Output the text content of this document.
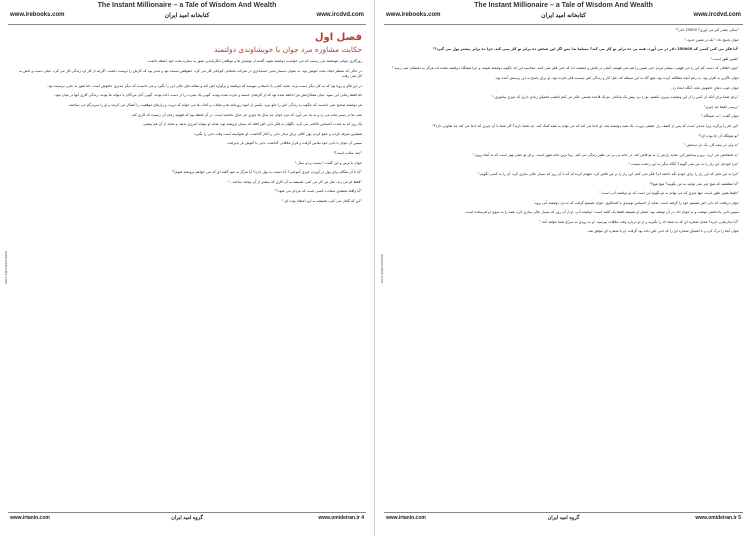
The Instant Millionaire – a Tale of Wisdom And Wealth
www.irebooks.com	کتابخانه امید ایران	www.ircdvd.com
www.irebooks.com
فصل اول
حکایت مشاوره مرد جوان با خویشاوندی دولتمند

روزگاری جوانی هوشمند می زیست که می خواست دولتمند شود، آکنده از ثومیدی ها و مواقعی انکارناپذیر، هنوز به ستاره بخت خود اعتقاد داشت.

در حالی که منتظر ایجاد بخت خویش بود، به عنوان دستیار مدیر حسابداری در شرکت تبلیغاتی کوچکی کار می کرد. حقوقش بسنده بود و مدیر بود که کارش را دوست داشت. اگرچه از کار او، زندگی کار می کرد. خیلی دست و دلش به کار نمی رفت.

در این فکر و رویا بود که به کار دیگر دست بزند. شاید کتابی یا داستانی بنویسد که دولتمند و پرآوازه اش کند و نشانه های مالی این را بگیرد و می دانست که دیگر مدیری خاموش است. اما هنوز به جایی نرسیده بود.

اما فقط رهایی این سود: میان همکارانش نیز احاطه شده بود که از کارشان خسته و دلزده شده بودند. گویی یک بعیرت را از دست داده بودند. گویی آنان مردگان یا دیوانه ها بودند. زندگی کاری آنها در میان نبود.

هر دولتمند صحیح نمی دانست که چگونه به زندگی اش را جلو ببرد. یکسر از انبوه روزنامه ها و مجلات و کتاب ها می خواند که ثروت و رازهای موفقیت را آشکار می کردند و او را سردرگم می ساختند.

شب ها در بستر غلت می زد و به یاد می آورد که مرد جوان چه سال ها چیزی جز خیال نداشته است. در آن لحظه بود که فهمید زمان آن رسیده که کاری کند.

یک روز که به شدت احساس ناکامی می کرد، ناگهان به فکر دایی اش افتاد که بسیار ثروتمند بود. شاید او بتواند اندرزی بدهد. و شاید از آن هم بیشتر.

همچنین صرفه کردن و جمع کردن پول کافی برای دیدار دایی را کنار گذاشت. او نخواسته است وقت دایی را بگیرد.

سپس آن جوان با دایی خود تماس گرفت و قرار ملاقاتی گذاشت. دایی با آغوش باز پذیرفت.

"چند سالت است؟"

جوان با ترس و لرز گفت: "بیست و دو سال."

"آیا تا آن هنگام برای پول در آوردن چیزی آموختی؟ آیا دستت به پول دارد؟ آیا هرگز به خود گفته ای که می خواهم ثروتمند شوم؟"

"فقط ام می زند، مثل هر کار می کنی، همیشه به آن کاری که بیشتر از آن پیچاند ساخته..."

"آیا واقعا معتقدی سعادت کسی است که مردان می شود؟"

"این که گمان می کنی، همیشه به این اعتقاد بوده ای."

www.irtanin.com	گروه امید ایران	www.omideiran.ir 4
The Instant Millionaire – a Tale of Wisdom And Wealth
www.irebooks.com	کتابخانه امید ایران	www.ircdvd.com
www.ircdvd.com

"سالی چقدر گیر می آوری؟ 25000 دلار؟"

جوان پاسخ داد: "بله در همین حدود."

"آیا فکر می کنی کسی که 250000 دلار در می آورد، همه بی ده برابر تو کار می کند؟ مسلما نه! پس اگر این شخص ده برابر تو کار نمی کند، چرا ده برابر بیشتر پول می گیرد؟"

"همین طور است."

"چون اتفاقی که دست کم این را می فهمی، بیشتر مردم حتی همین را هم نمی فهمند. آنقدر در تلاش و مشقت اند که حتی فکر نمی کنند. محاسبه این که چگونه دولتمند شوند، و چرا هیچگاه دولتمند نشده اند هرگز به ذهنشان نمی رسد."

جوان ناگزیر به اقرار بود. به رغم آنچه مطالعه کرده بود، هیچ گاه به این مسئله که دلیل کار و زندگی اش چیست فکر نکرده بود. او برای پاسخ به این پرسش آمده بود.

جوان خوب دعای خاموش ماند. آنگاه ایجاد زد.

"برای شما برای آنکه آن کس را از این وضعیت بیرون بکشم، تو را برد پیش یک بانکدار. تو یک قاعده هستی. فکر می کنم امشب اشتیاق زیادی داری که چیزی بیاموزی."

"پرسی دقیقا چه چیزی"

جوان گفت: "به، هیچگاه."

"این نام را برگزید زیرا مدعی است که پس از کشف راز حقیقی ثروت، یک شبه دولتمند شد. او ادعا می کند که می تواند به همه کمک کند. چه شما دارید؟ کار شما با آن چیزی که ادعا می کند چه تفاوتی دارد؟"

"تو هیچگاه آن جا بوده ای؟"

"نه ولی در نیمه کار، یک بار دیدمش."

"به امتحانش می ارزد. برو و پیدایش کن. شاید رازش را به تو فاش کند. در خانه بی بی تی نظیر زندگی می کند. زیبا ترین خانه شهر است. برای تو خیلی بهتر است که به آنجا بروی."

"چرا خودتان این راز را به من نمی گویید؟ آنگاه دیگر به این زحمت نیست."

"مرا به این دلیل که این راز را برای خودم نگه داشته ام؟ فکر نمی کنم. این راز را بر من فاش کرد. تعهدم کرده ام که تا آن روز که بسیار عالی سازی کرد، آن را به کسی نگویم."

"آیا مطمئنید که هیچ چیز نمی توانید به من بگویید؟ هیچ هیچ؟"

"دقیقا همین طور است. تنها چیزی که می توانم به تو بگویم این است که او دولتمند آنی است."

جوان دریافت که دایی اش تصمیم خود را گرفته است. شاید از احساس نومیدی یا کنجکاوی، جوان تصمیم گرفت که به نزد دولتمند آنی برود.

سپس دایی یادداشتی نوشت و به جوان داد. در آن نوشته بود: شمار او همیشه فقط یک کلمه است: دولتمند آنی. او از آن روز که بسیار عالی سازی کرد، همه را به سوی او فرستاده است.

"آیا دیدارهایی دارید؟ همان شماره ای که به شما داد را بگیرید و از او درباره وقت ملاقات بپرسید. او به زودی به سراغ شما خواهد آمد."

جوان آنجا را ترک کرد و با اشتیاق شماره ای را که دایی اش داده بود گرفت. او با شماره ای موفق شد.

www.irtanin.com	گروه امید ایران	www.omideiran.ir 5
